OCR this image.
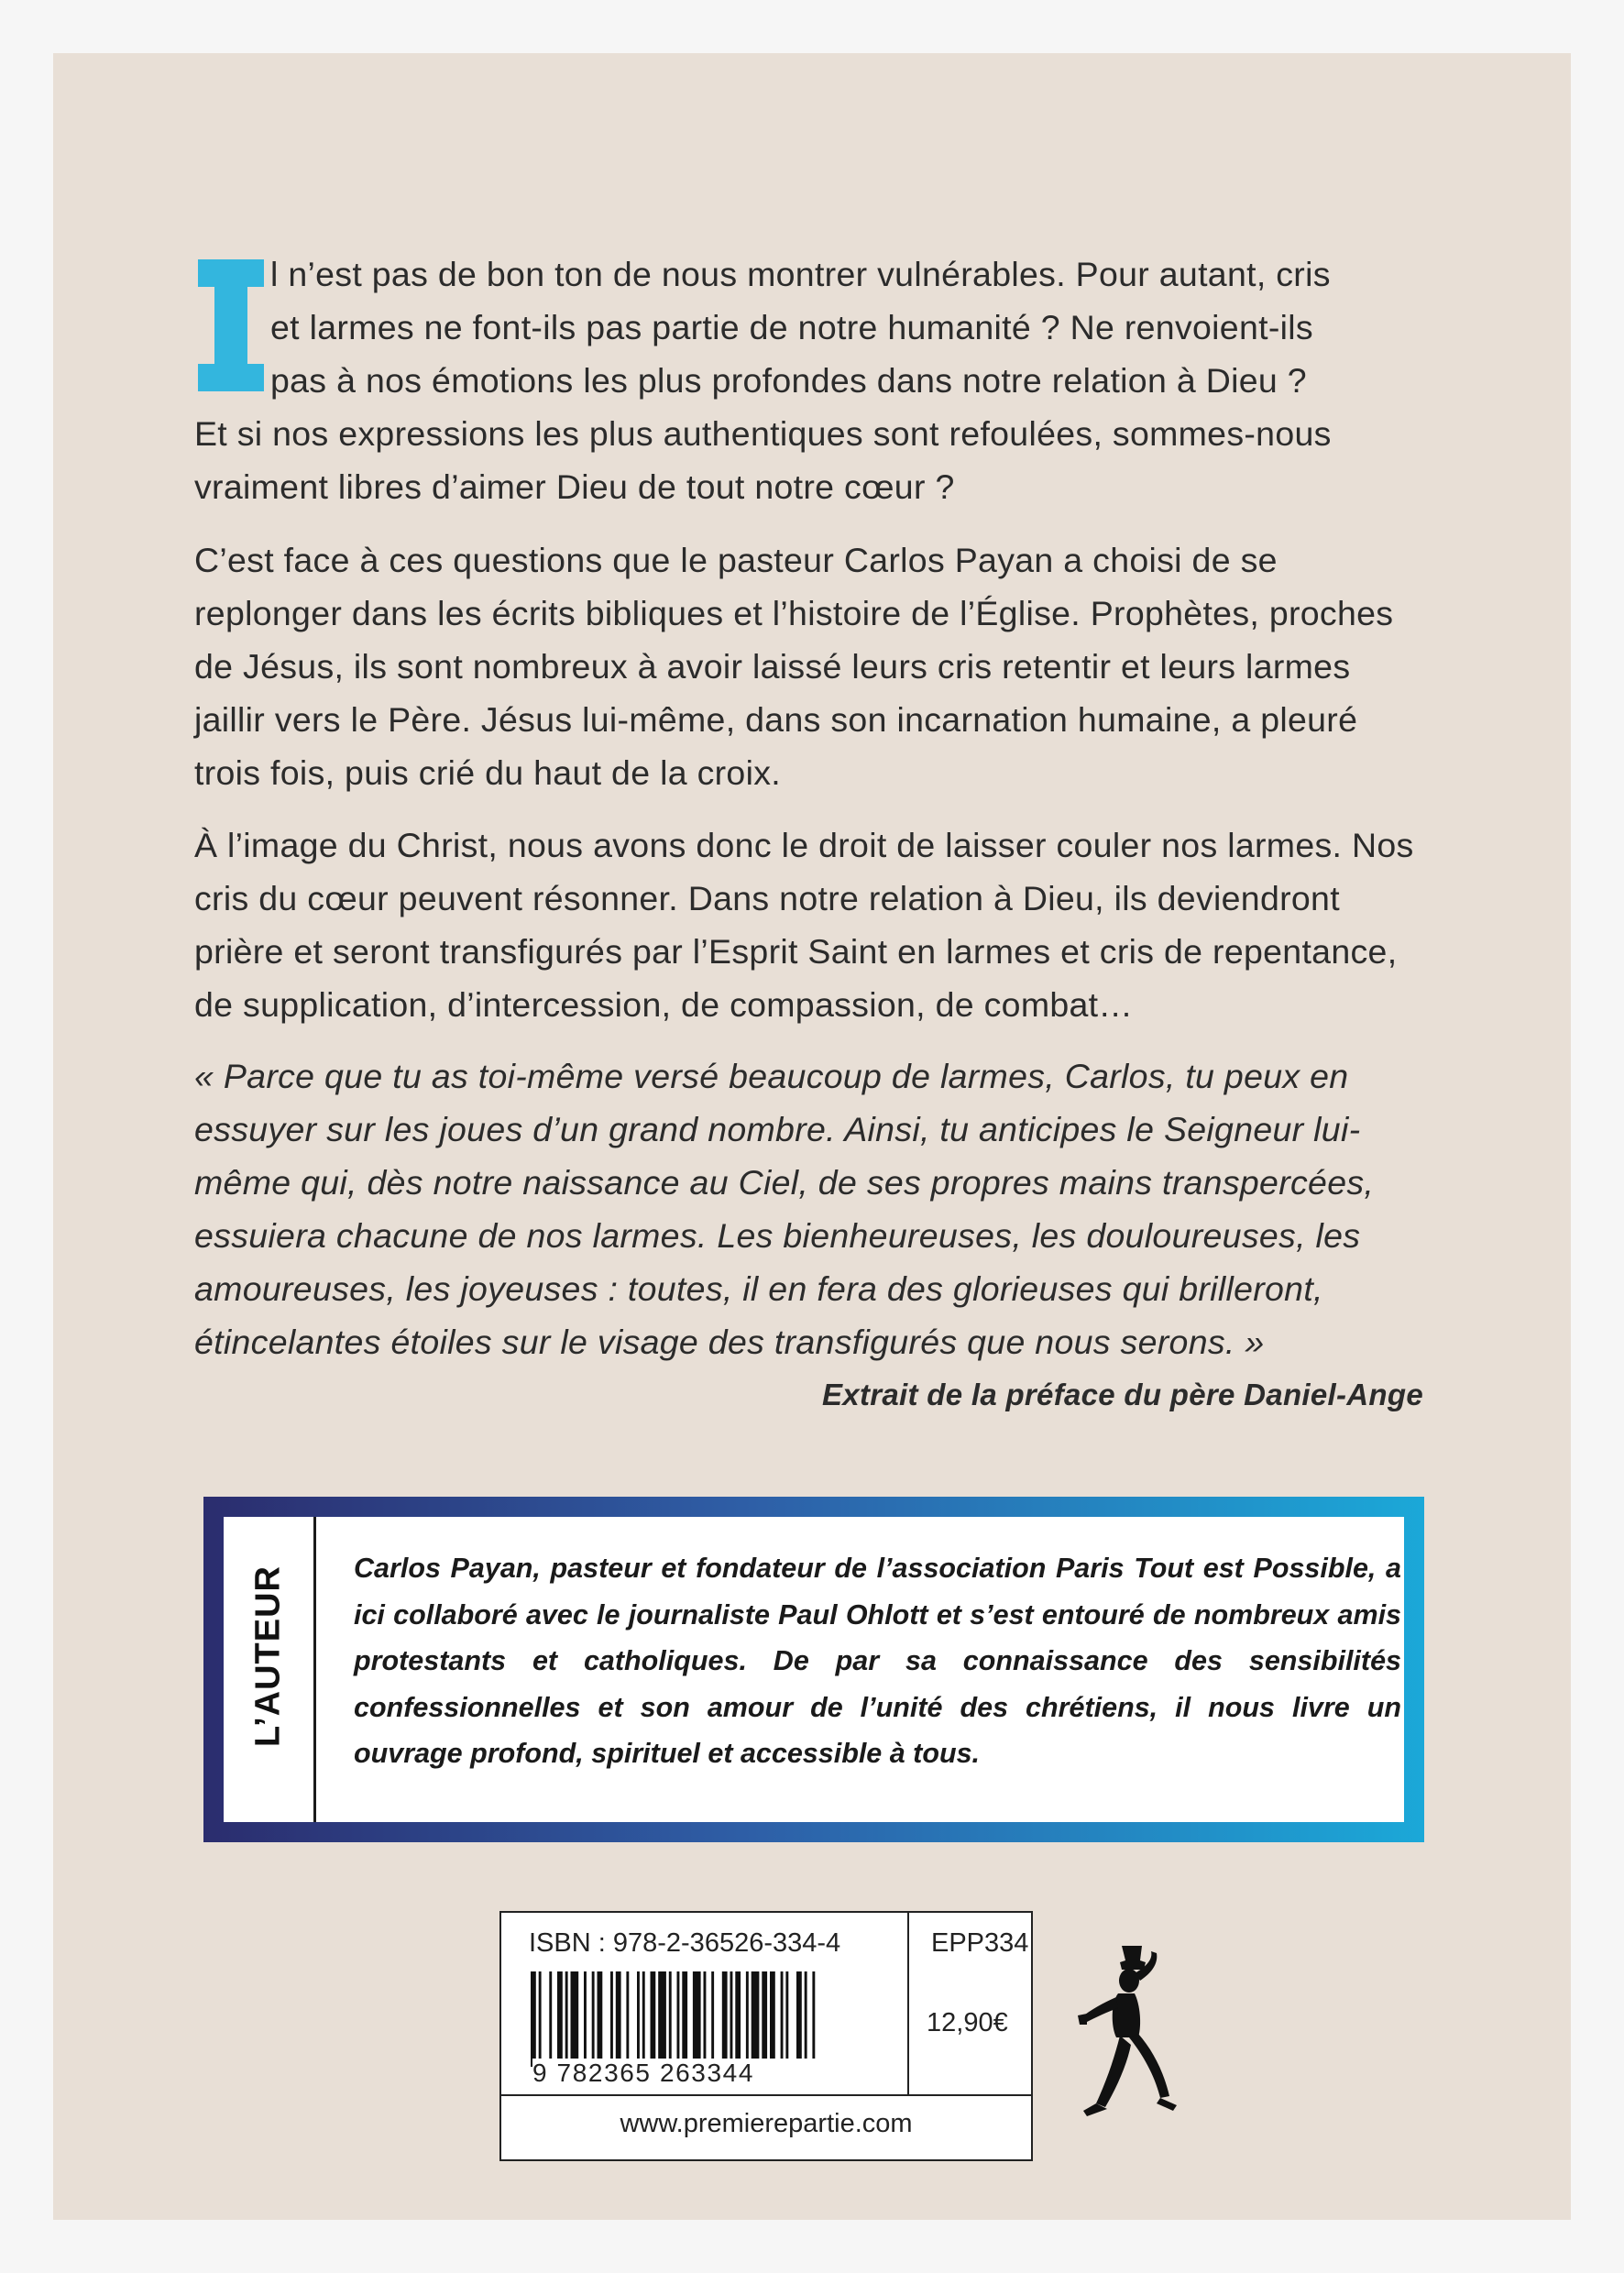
l n’est pas de bon ton de nous montrer vulnérables. Pour autant, cris
et larmes ne font-ils pas partie de notre humanité ? Ne renvoient-ils
pas à nos émotions les plus profondes dans notre relation à Dieu ?
Et si nos expressions les plus authentiques sont refoulées, sommes-nous vraiment libres d’aimer Dieu de tout notre cœur ?

C’est face à ces questions que le pasteur Carlos Payan a choisi de se replonger dans les écrits bibliques et l’histoire de l’Église. Prophètes, proches de Jésus, ils sont nombreux à avoir laissé leurs cris retentir et leurs larmes jaillir vers le Père. Jésus lui-même, dans son incarnation humaine, a pleuré trois fois, puis crié du haut de la croix.

À l’image du Christ, nous avons donc le droit de laisser couler nos larmes. Nos cris du cœur peuvent résonner. Dans notre relation à Dieu, ils deviendront prière et seront transfigurés par l’Esprit Saint en larmes et cris de repentance, de supplication, d’intercession, de compassion, de combat…

« Parce que tu as toi-même versé beaucoup de larmes, Carlos, tu peux en essuyer sur les joues d’un grand nombre. Ainsi, tu anticipes le Seigneur lui-même qui, dès notre naissance au Ciel, de ses propres mains transpercées, essuiera chacune de nos larmes. Les bienheureuses, les douloureuses, les amoureuses, les joyeuses : toutes, il en fera des glorieuses qui brilleront, étincelantes étoiles sur le visage des transfigurés que nous serons. »

Extrait de la préface du père Daniel-Ange

L’AUTEUR Carlos Payan, pasteur et fondateur de l’association Paris Tout est Possible, a ici collaboré avec le journaliste Paul Ohlott et s’est entouré de nombreux amis protestants et catholiques. De par sa connaissance des sensibilités confessionnelles et son amour de l’unité des chrétiens, il nous livre un ouvrage profond, spirituel et accessible à tous.

ISBN : 978-2-36526-334-4	EPP334

12,90€

9 782365 263344

www.premierepartie.com
